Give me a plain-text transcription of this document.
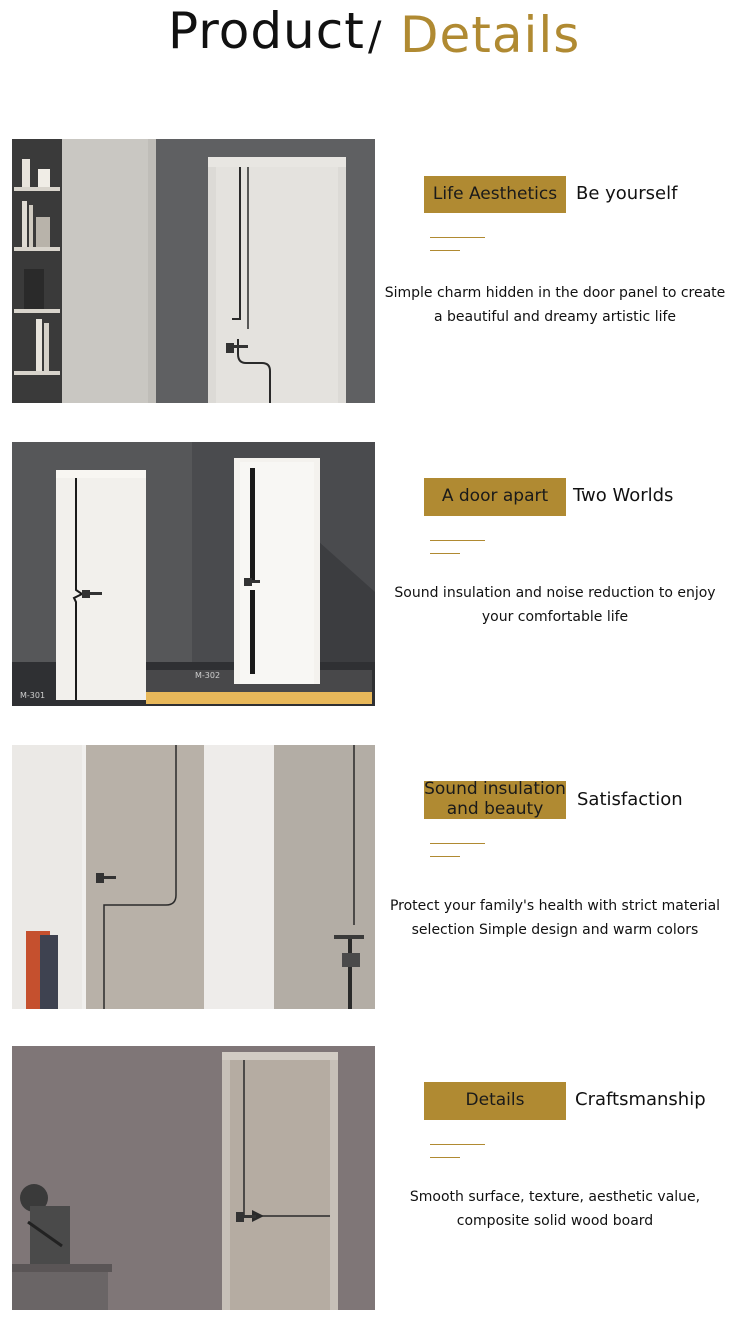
Product / Details
Life Aesthetics	Be yourself
Simple charm hidden in the door panel to create a beautiful and dreamy artistic life
M-301
M-302
A door apart	Two Worlds
Sound insulation and noise reduction to enjoy your comfortable life
Sound insulation and beauty	Satisfaction
Protect your family's health with strict material selection Simple design and warm colors
Details	Craftsmanship
Smooth surface, texture, aesthetic value, composite solid wood board
